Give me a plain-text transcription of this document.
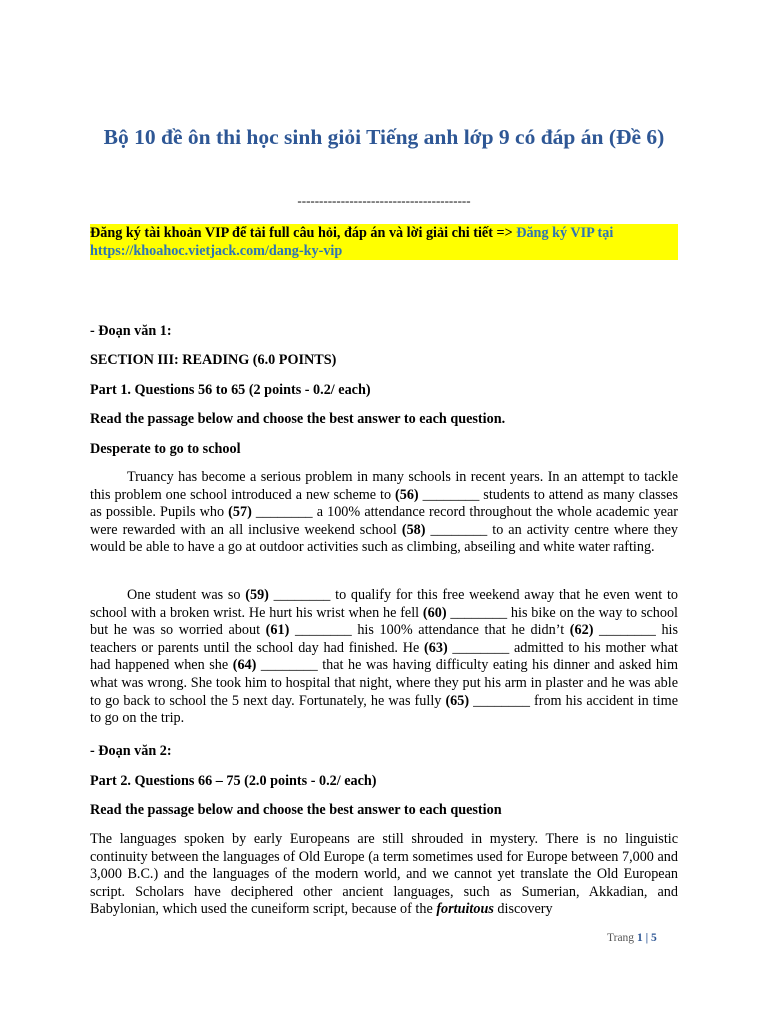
Bộ 10 đề ôn thi học sinh giỏi Tiếng anh lớp 9 có đáp án (Đề 6)
----------------------------------------
Đăng ký tài khoản VIP để tải full câu hỏi, đáp án và lời giải chi tiết => Đăng ký VIP tại https://khoahoc.vietjack.com/dang-ky-vip
- Đoạn văn 1:
SECTION III: READING (6.0 POINTS)
Part 1. Questions 56 to 65 (2 points - 0.2/ each)
Read the passage below and choose the best answer to each question.
Desperate to go to school
Truancy has become a serious problem in many schools in recent years. In an attempt to tackle this problem one school introduced a new scheme to (56) ________ students to attend as many classes as possible. Pupils who (57) ________ a 100% attendance record throughout the whole academic year were rewarded with an all inclusive weekend school (58) ________ to an activity centre where they would be able to have a go at outdoor activities such as climbing, abseiling and white water rafting.
One student was so (59) ________ to qualify for this free weekend away that he even went to school with a broken wrist. He hurt his wrist when he fell (60) ________ his bike on the way to school but he was so worried about (61) ________ his 100% attendance that he didn’t (62) ________ his teachers or parents until the school day had finished. He (63) ________ admitted to his mother what had happened when she (64) ________ that he was having difficulty eating his dinner and asked him what was wrong. She took him to hospital that night, where they put his arm in plaster and he was able to go back to school the 5 next day. Fortunately, he was fully (65) ________ from his accident in time to go on the trip.
- Đoạn văn 2:
Part 2. Questions 66 – 75 (2.0 points - 0.2/ each)
Read the passage below and choose the best answer to each question
The languages spoken by early Europeans are still shrouded in mystery. There is no linguistic continuity between the languages of Old Europe (a term sometimes used for Europe between 7,000 and 3,000 B.C.) and the languages of the modern world, and we cannot yet translate the Old European script. Scholars have deciphered other ancient languages, such as Sumerian, Akkadian, and Babylonian, which used the cuneiform script, because of the fortuitous discovery
Trang 1 | 5
